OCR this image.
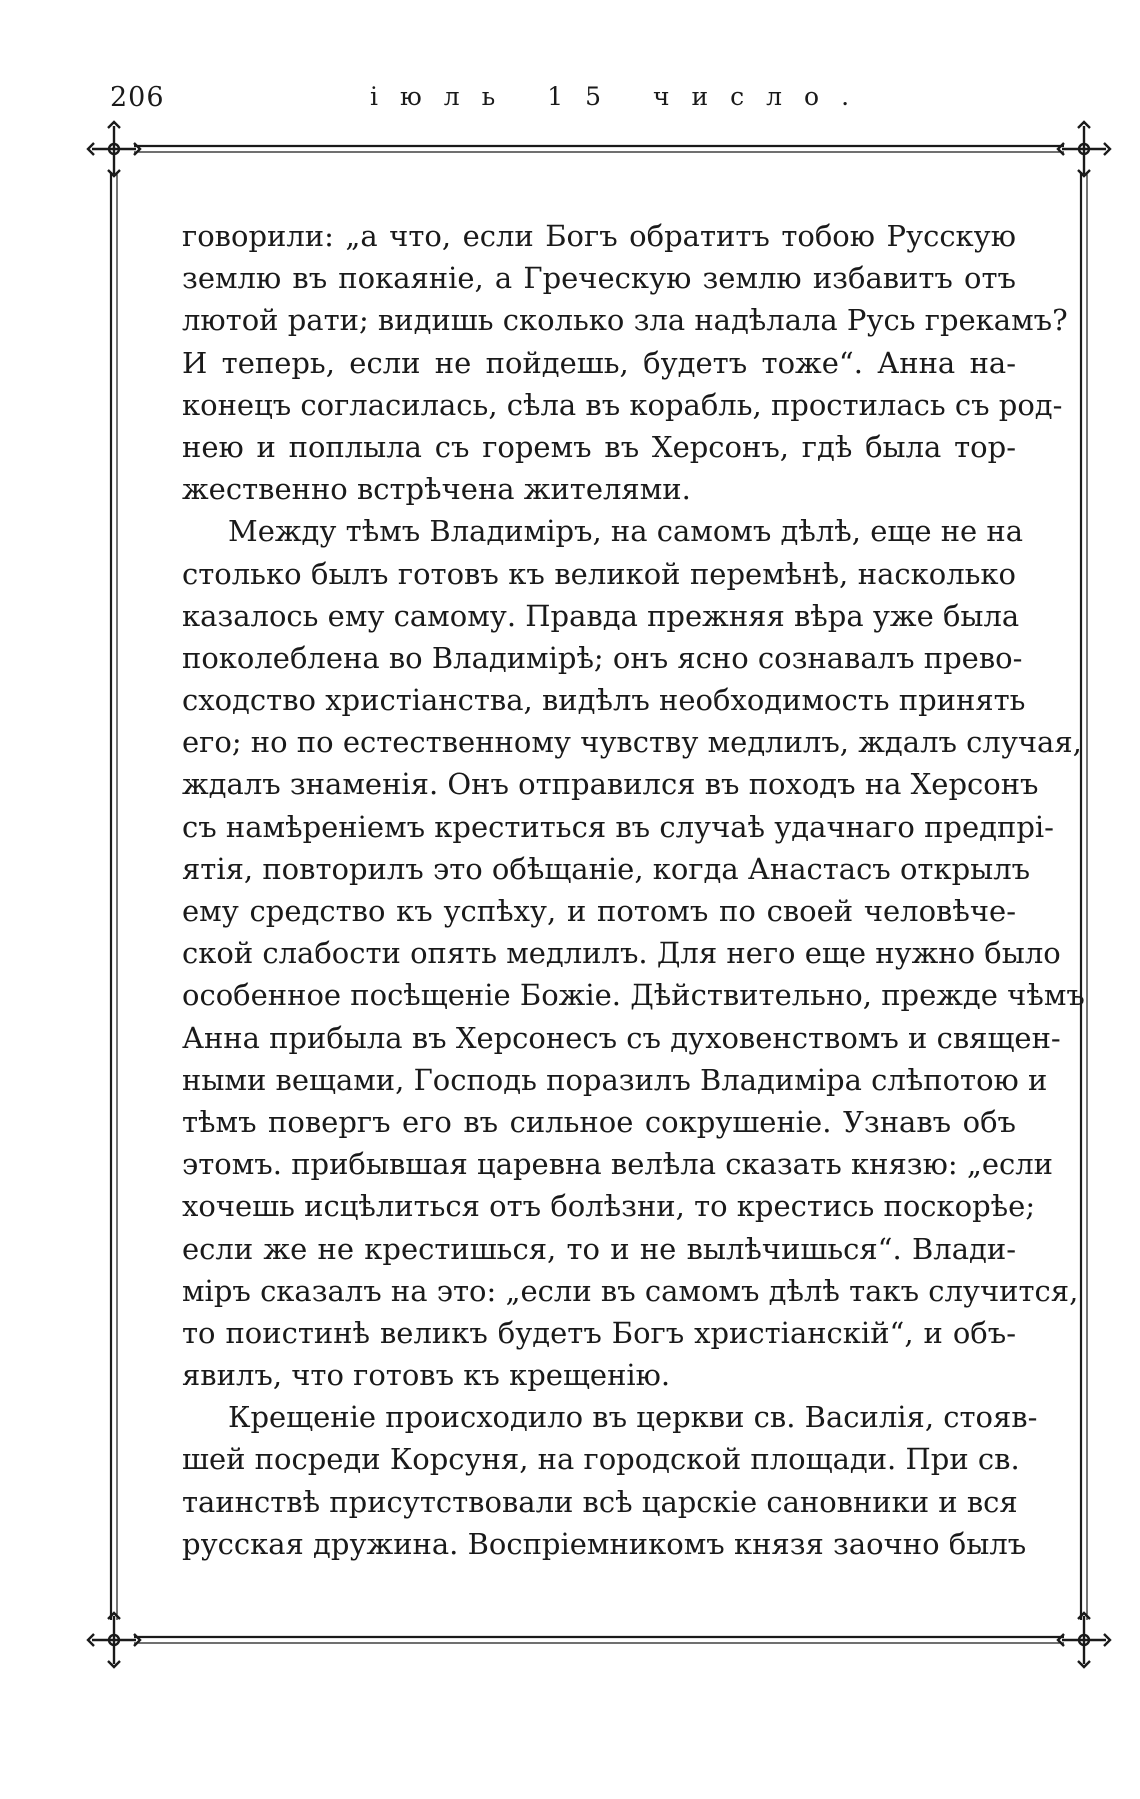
206	іюль 15 число.
говорили: „а что, если Богъ обратитъ тобою Русскую
землю въ покаяніе, а Греческую землю избавитъ отъ
лютой рати; видишь сколько зла надѣлала Русь грекамъ?
И теперь, если не пойдешь, будетъ тоже“. Анна на-
конецъ согласилась, сѣла въ корабль, простилась съ род-
нею и поплыла съ горемъ въ Херсонъ, гдѣ была тор-
жественно встрѣчена жителями.
Между тѣмъ Владиміръ, на самомъ дѣлѣ, еще не на
столько былъ готовъ къ великой перемѣнѣ, насколько
казалось ему самому. Правда прежняя вѣра уже была
поколеблена во Владимірѣ; онъ ясно сознавалъ прево-
сходство христіанства, видѣлъ необходимость принять
его; но по естественному чувству медлилъ, ждалъ случая,
ждалъ знаменія. Онъ отправился въ походъ на Херсонъ
съ намѣреніемъ креститься въ случаѣ удачнаго предпрі-
ятія, повторилъ это обѣщаніе, когда Анастасъ открылъ
ему средство къ успѣху, и потомъ по своей человѣче-
ской слабости опять медлилъ. Для него еще нужно было
особенное посѣщеніе Божіе. Дѣйствительно, прежде чѣмъ
Анна прибыла въ Херсонесъ съ духовенствомъ и священ-
ными вещами, Господь поразилъ Владиміра слѣпотою и
тѣмъ повергъ его въ сильное сокрушеніе. Узнавъ объ
этомъ. прибывшая царевна велѣла сказать князю: „если
хочешь исцѣлиться отъ болѣзни, то крестись поскорѣе;
если же не крестишься, то и не вылѣчишься“. Влади-
міръ сказалъ на это: „если въ самомъ дѣлѣ такъ случится,
то поистинѣ великъ будетъ Богъ христіанскій“, и объ-
явилъ, что готовъ къ крещенію.
Крещеніе происходило въ церкви св. Василія, стояв-
шей посреди Корсуня, на городской площади. При св.
таинствѣ присутствовали всѣ царскіе сановники и вся
русская дружина. Воспріемникомъ князя заочно былъ
